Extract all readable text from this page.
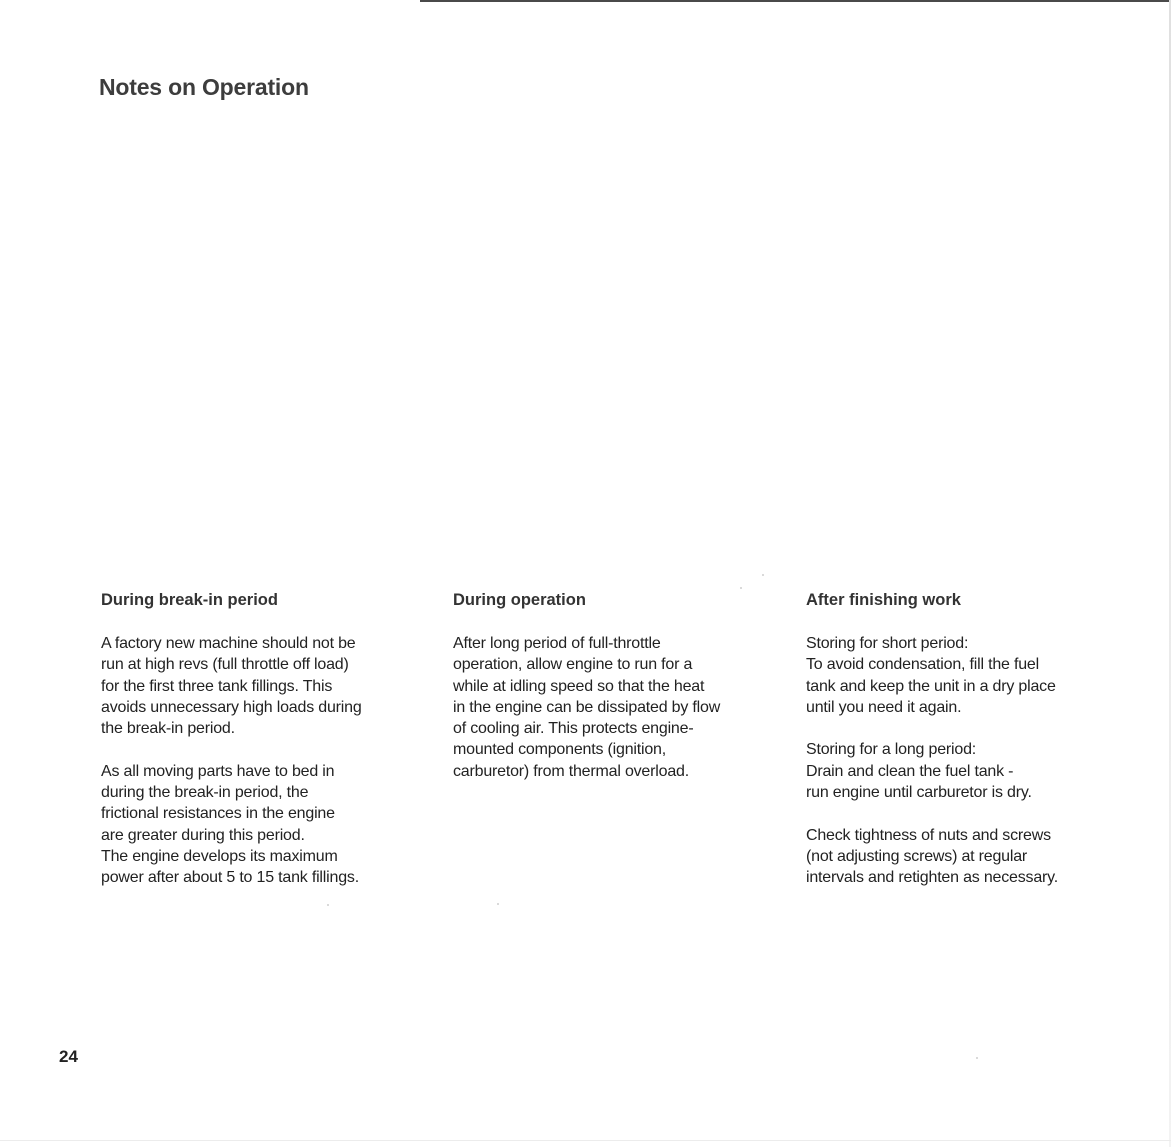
Notes on Operation
During break-in period

A factory new machine should not be
run at high revs (full throttle off load)
for the first three tank fillings. This
avoids unnecessary high loads during
the break-in period.

As all moving parts have to bed in
during the break-in period, the
frictional resistances in the engine
are greater during this period.
The engine develops its maximum
power after about 5 to 15 tank fillings.

During operation

After long period of full-throttle
operation, allow engine to run for a
while at idling speed so that the heat
in the engine can be dissipated by flow
of cooling air. This protects engine-
mounted components (ignition,
carburetor) from thermal overload.

After finishing work

Storing for short period:
To avoid condensation, fill the fuel
tank and keep the unit in a dry place
until you need it again.

Storing for a long period:
Drain and clean the fuel tank -
run engine until carburetor is dry.

Check tightness of nuts and screws
(not adjusting screws) at regular
intervals and retighten as necessary.

24
